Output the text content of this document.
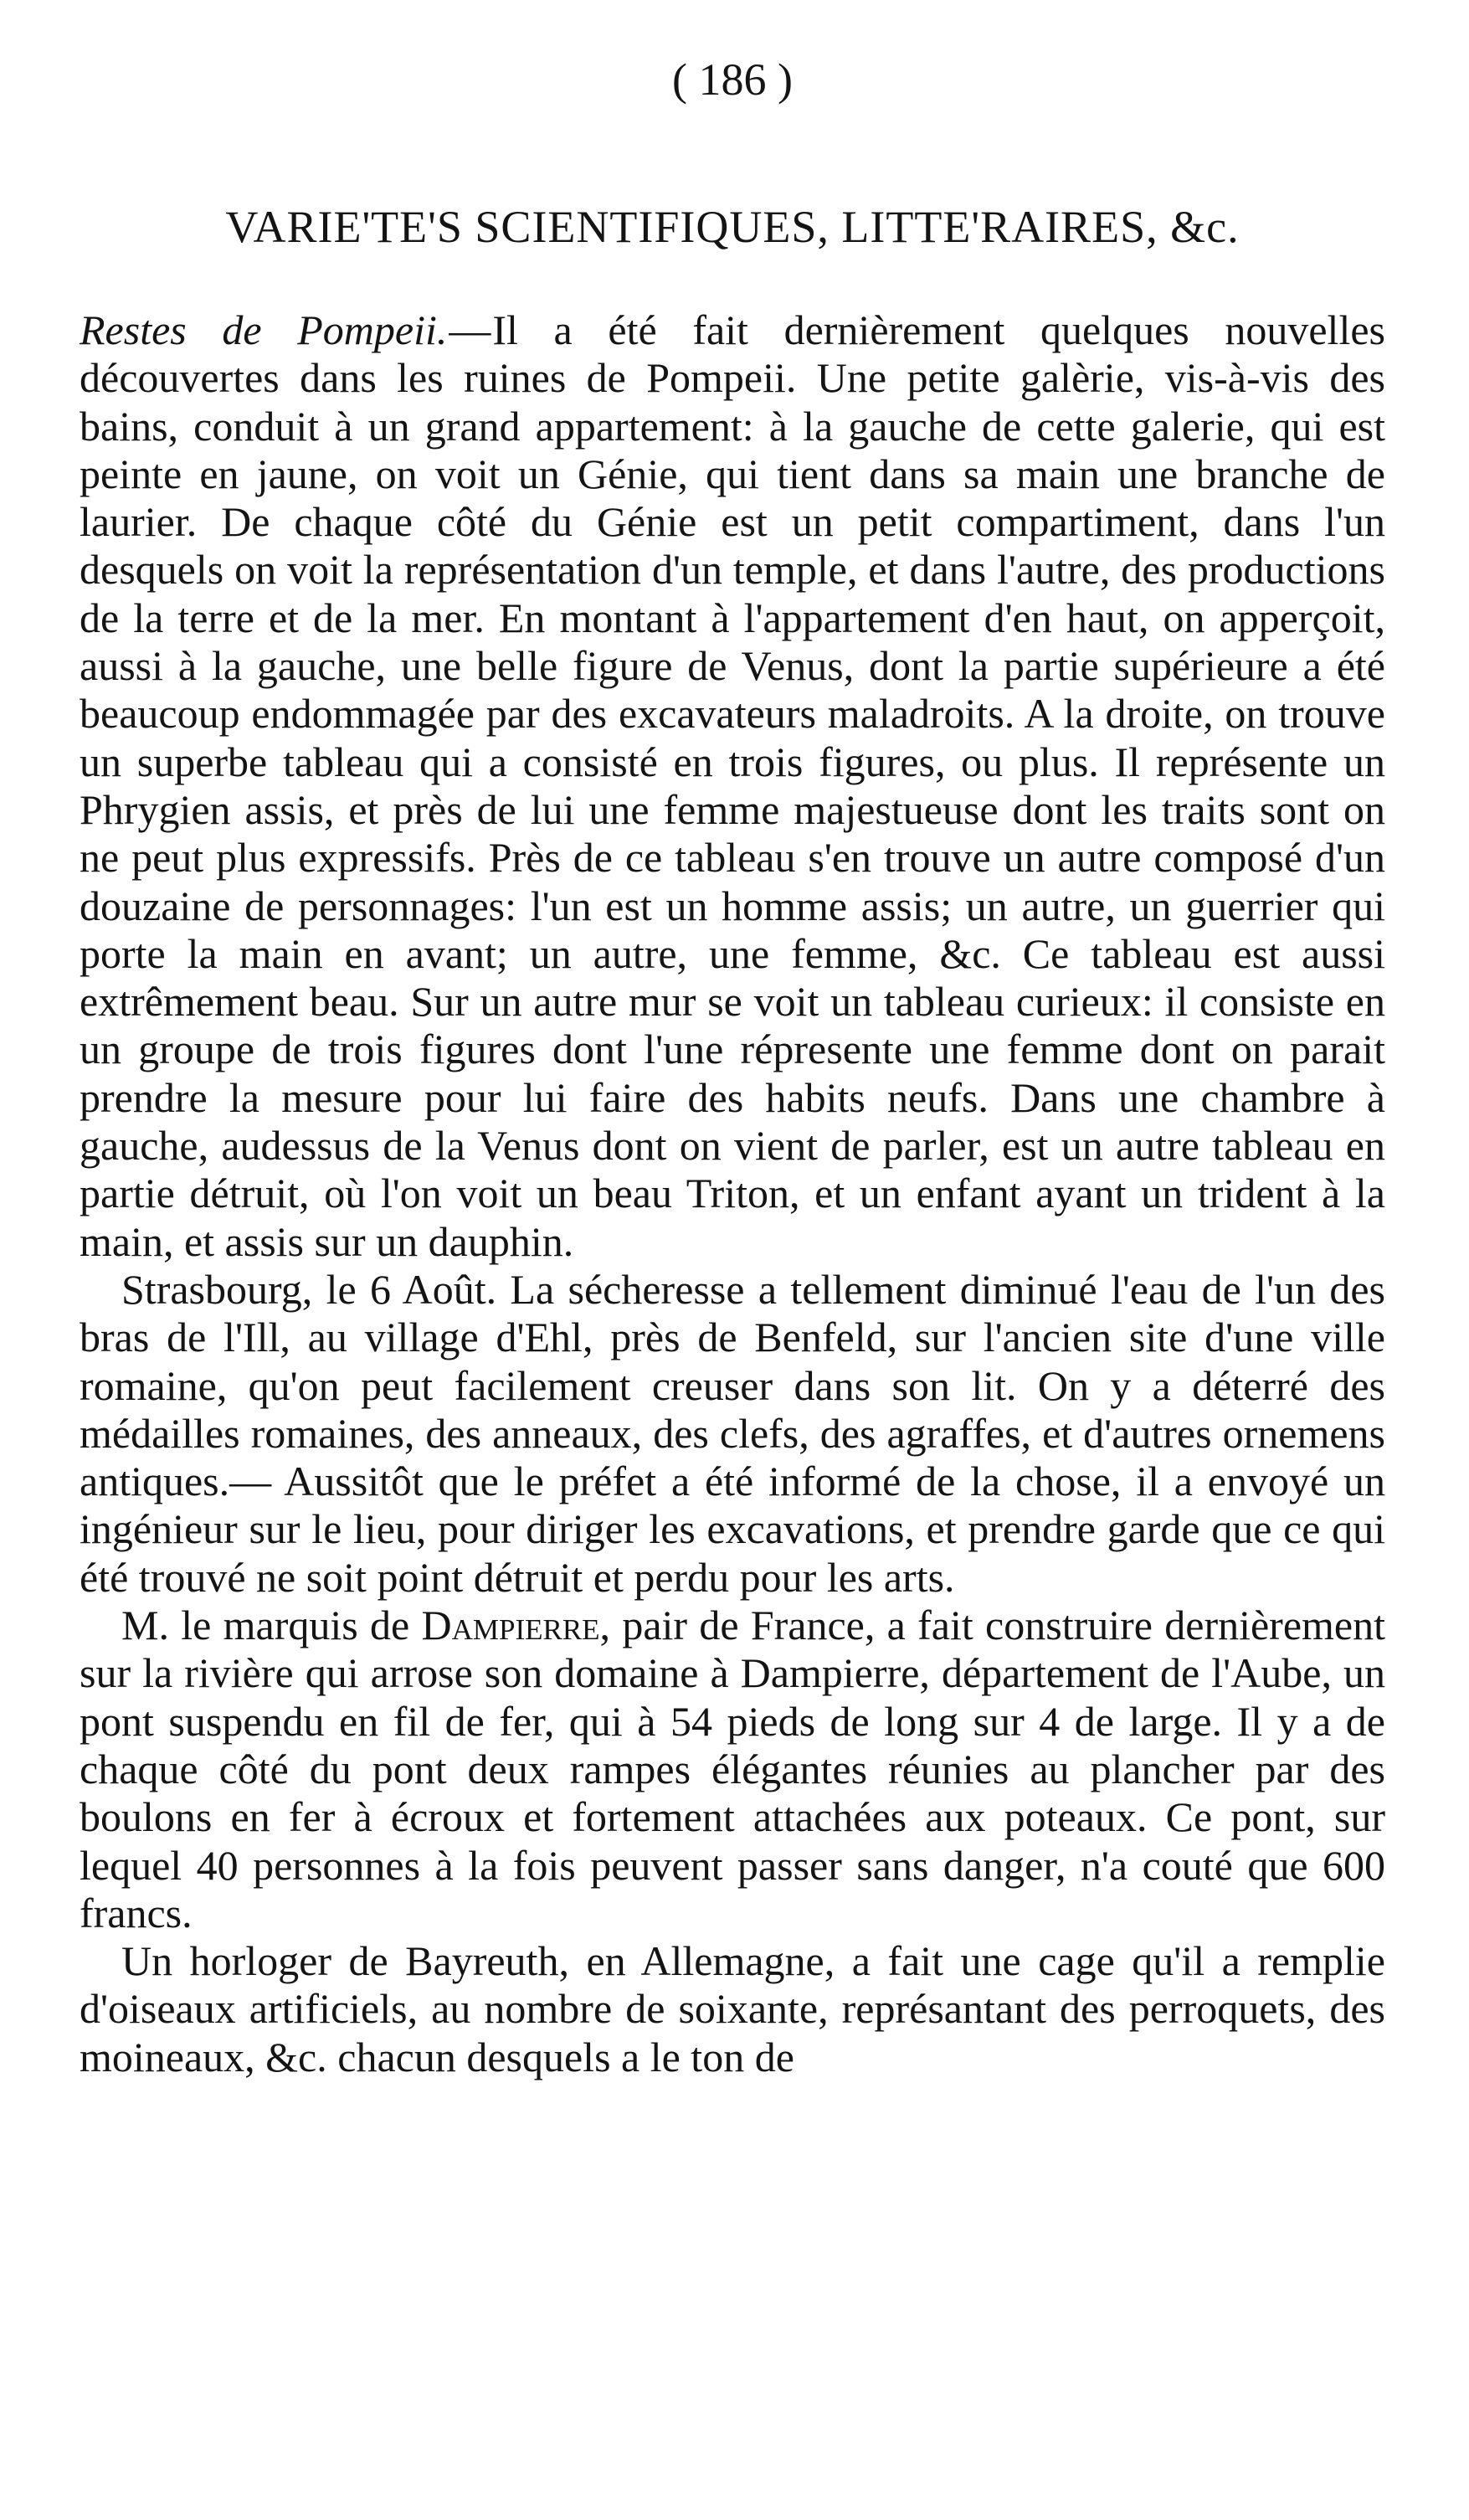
( 186 )
VARIE'TE'S SCIENTIFIQUES, LITTE'RAIRES, &c.

Restes de Pompeii.—Il a été fait dernièrement quelques nouvelles découvertes dans les ruines de Pompeii. Une petite galèrie, vis-à-vis des bains, conduit à un grand appartement: à la gauche de cette galerie, qui est peinte en jaune, on voit un Génie, qui tient dans sa main une branche de laurier. De chaque côté du Génie est un petit compartiment, dans l'un desquels on voit la représentation d'un temple, et dans l'autre, des productions de la terre et de la mer. En montant à l'appartement d'en haut, on apperçoit, aussi à la gauche, une belle figure de Venus, dont la partie supérieure a été beaucoup endommagée par des excavateurs maladroits. A la droite, on trouve un superbe tableau qui a consisté en trois figures, ou plus. Il représente un Phrygien assis, et près de lui une femme majestueuse dont les traits sont on ne peut plus expressifs. Près de ce tableau s'en trouve un autre composé d'un douzaine de personnages: l'un est un homme assis; un autre, un guerrier qui porte la main en avant; un autre, une femme, &c. Ce tableau est aussi extrêmement beau. Sur un autre mur se voit un tableau curieux: il consiste en un groupe de trois figures dont l'une répresente une femme dont on parait prendre la mesure pour lui faire des habits neufs. Dans une chambre à gauche, audessus de la Venus dont on vient de parler, est un autre tableau en partie détruit, où l'on voit un beau Triton, et un enfant ayant un trident à la main, et assis sur un dauphin.

Strasbourg, le 6 Août. La sécheresse a tellement diminué l'eau de l'un des bras de l'Ill, au village d'Ehl, près de Benfeld, sur l'ancien site d'une ville romaine, qu'on peut facilement creuser dans son lit. On y a déterré des médailles romaines, des anneaux, des clefs, des agraffes, et d'autres ornemens antiques.— Aussitôt que le préfet a été informé de la chose, il a envoyé un ingénieur sur le lieu, pour diriger les excavations, et prendre garde que ce qui été trouvé ne soit point détruit et perdu pour les arts.

M. le marquis de Dampierre, pair de France, a fait construire dernièrement sur la rivière qui arrose son domaine à Dampierre, département de l'Aube, un pont suspendu en fil de fer, qui à 54 pieds de long sur 4 de large. Il y a de chaque côté du pont deux rampes élégantes réunies au plancher par des boulons en fer à écroux et fortement attachées aux poteaux. Ce pont, sur lequel 40 personnes à la fois peuvent passer sans danger, n'a couté que 600 francs.

Un horloger de Bayreuth, en Allemagne, a fait une cage qu'il a remplie d'oiseaux artificiels, au nombre de soixante, représantant des perroquets, des moineaux, &c. chacun desquels a le ton de
